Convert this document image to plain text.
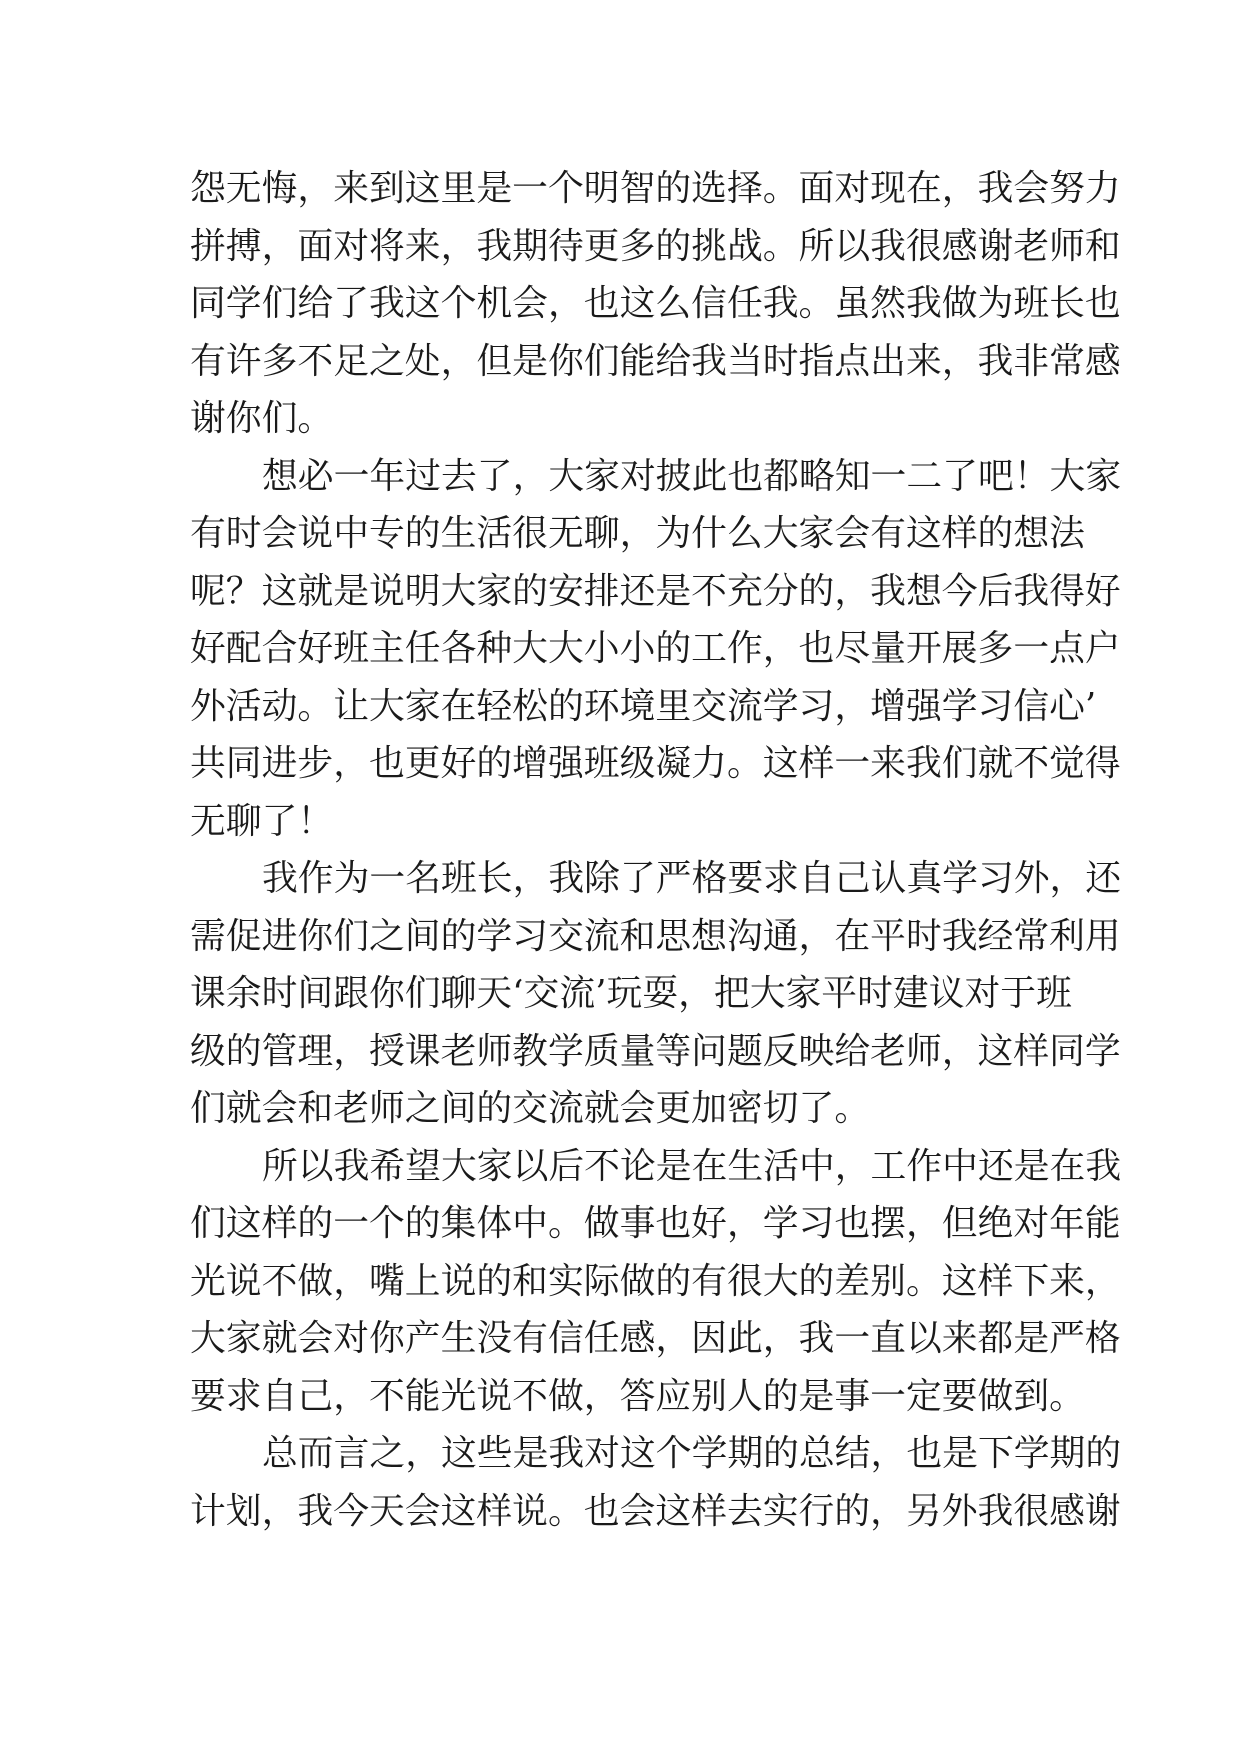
怨无悔，来到这里是一个明智的选择。面对现在，我会努力
拼搏，面对将来，我期待更多的挑战。所以我很感谢老师和
同学们给了我这个机会，也这么信任我。虽然我做为班长也
有许多不足之处，但是你们能给我当时指点出来，我非常感
谢你们。

想必一年过去了，大家对披此也都略知一二了吧！大家
有时会说中专的生活很无聊，为什么大家会有这样的想法
呢？这就是说明大家的安排还是不充分的，我想今后我得好
好配合好班主任各种大大小小的工作，也尽量开展多一点户
外活动。让大家在轻松的环境里交流学习，增强学习信心’
共同进步，也更好的增强班级凝力。这样一来我们就不觉得
无聊了！

我作为一名班长，我除了严格要求自己认真学习外，还
需促进你们之间的学习交流和思想沟通，在平时我经常利用
课余时间跟你们聊天‘交流’玩耍，把大家平时建议对于班
级的管理，授课老师教学质量等问题反映给老师，这样同学
们就会和老师之间的交流就会更加密切了。

所以我希望大家以后不论是在生活中，工作中还是在我
们这样的一个的集体中。做事也好，学习也摆，但绝对年能
光说不做，嘴上说的和实际做的有很大的差别。这样下来，
大家就会对你产生没有信任感，因此，我一直以来都是严格
要求自己，不能光说不做，答应别人的是事一定要做到。

总而言之，这些是我对这个学期的总结，也是下学期的
计划，我今天会这样说。也会这样去实行的，另外我很感谢
